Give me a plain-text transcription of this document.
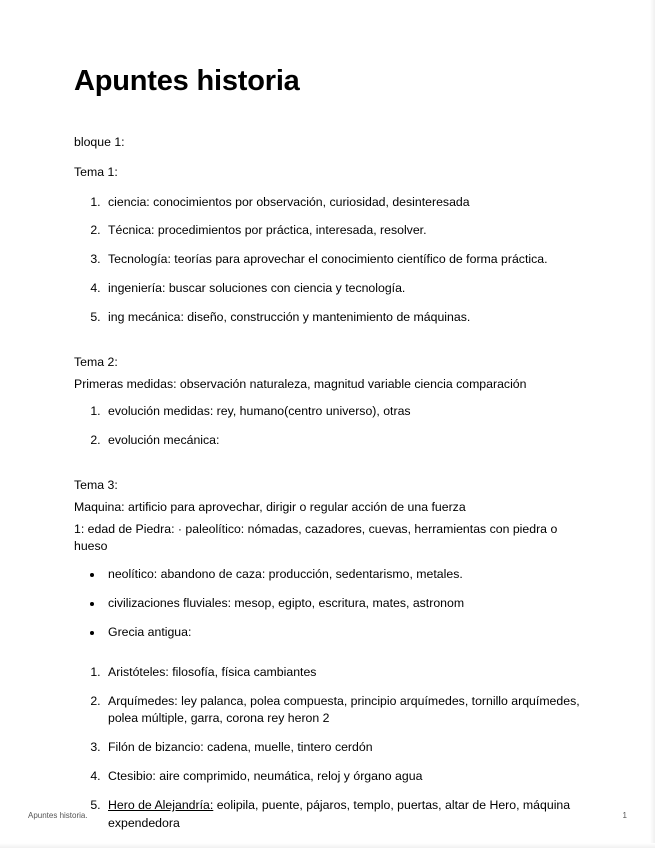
Apuntes historia

bloque 1:

Tema 1:

1. ciencia: conocimientos por observación, curiosidad, desinteresada
2. Técnica: procedimientos por práctica, interesada, resolver.
3. Tecnología: teorías para aprovechar el conocimiento científico de forma práctica.
4. ingeniería: buscar soluciones con ciencia y tecnología.
5. ing mecánica: diseño, construcción y mantenimiento de máquinas.

Tema 2:

Primeras medidas: observación naturaleza, magnitud variable ciencia comparación

1. evolución medidas: rey, humano(centro universo), otras
2. evolución mecánica:

Tema 3:

Maquina: artificio para aprovechar, dirigir o regular acción de una fuerza

1: edad de Piedra: · paleolítico: nómadas, cazadores, cuevas, herramientas con piedra o hueso

• neolítico: abandono de caza: producción, sedentarismo, metales.
• civilizaciones fluviales: mesop, egipto, escritura, mates, astronom
• Grecia antigua:
1. Aristóteles: filosofía, física cambiantes
2. Arquímedes: ley palanca, polea compuesta, principio arquímedes, tornillo arquímedes, polea múltiple, garra, corona rey heron 2
3. Filón de bizancio: cadena, muelle, tintero cerdón
4. Ctesibio: aire comprimido, neumática, reloj y órgano agua
5. Hero de Alejandría: eolipila, puente, pájaros, templo, puertas, altar de Hero, máquina expendedora
Apuntes historia.	1
